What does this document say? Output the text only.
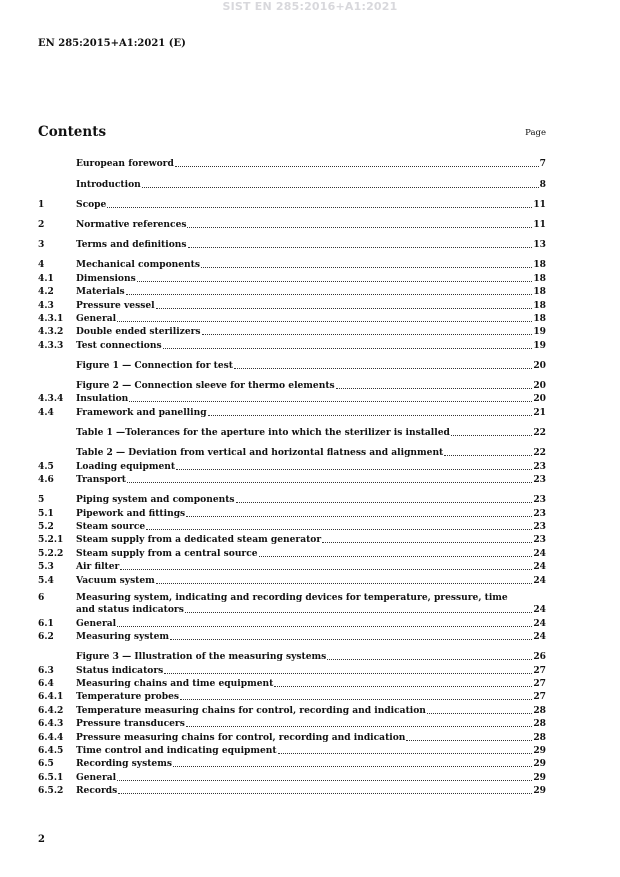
SIST EN 285:2016+A1:2021
EN 285:2015+A1:2021 (E)
Contents	Page
European foreword	7
Introduction	8
1	Scope	11
2	Normative references	11
3	Terms and definitions	13
4	Mechanical components	18
4.1	Dimensions	18
4.2	Materials	18
4.3	Pressure vessel	18
4.3.1	General	18
4.3.2	Double ended sterilizers	19
4.3.3	Test connections	19
Figure 1 — Connection for test	20
Figure 2 — Connection sleeve for thermo elements	20
4.3.4	Insulation	20
4.4	Framework and panelling	21
Table 1 —Tolerances for the aperture into which the sterilizer is installed	22
Table 2 — Deviation from vertical and horizontal flatness and alignment	22
4.5	Loading equipment	23
4.6	Transport	23
5	Piping system and components	23
5.1	Pipework and fittings	23
5.2	Steam source	23
5.2.1	Steam supply from a dedicated steam generator	23
5.2.2	Steam supply from a central source	24
5.3	Air filter	24
5.4	Vacuum system	24
6	Measuring system, indicating and recording devices for temperature, pressure, time
and status indicators	24
6.1	General	24
6.2	Measuring system	24
Figure 3 — Illustration of the measuring systems	26
6.3	Status indicators	27
6.4	Measuring chains and time equipment	27
6.4.1	Temperature probes	27
6.4.2	Temperature measuring chains for control, recording and indication	28
6.4.3	Pressure transducers	28
6.4.4	Pressure measuring chains for control, recording and indication	28
6.4.5	Time control and indicating equipment	29
6.5	Recording systems	29
6.5.1	General	29
6.5.2	Records	29
2
